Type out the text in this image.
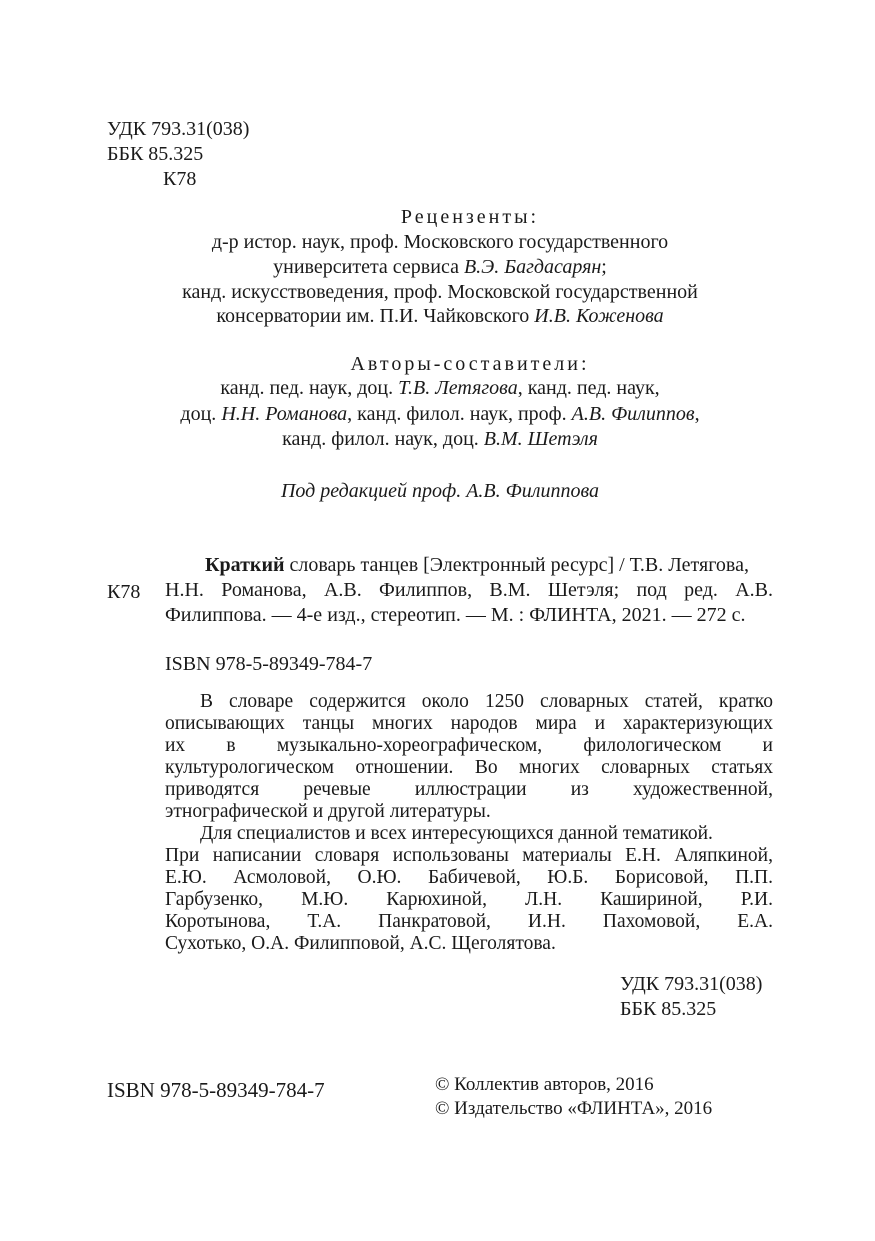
УДК 793.31(038)
ББК 85.325
К78
Рецензенты:
д-р истор. наук, проф. Московского государственного
университета сервиса В.Э. Багдасарян;
канд. искусствоведения, проф. Московской государственной
консерватории им. П.И. Чайковского И.В. Коженова
Авторы-составители:
канд. пед. наук, доц. Т.В. Летягова, канд. пед. наук,
доц. Н.Н. Романова, канд. филол. наук, проф. А.В. Филиппов,
канд. филол. наук, доц. В.М. Шетэля
Под редакцией проф. А.В. Филиппова
К78
Краткий словарь танцев [Электронный ресурс] / Т.В. Летягова,
Н.Н. Романова, А.В. Филиппов, В.М. Шетэля; под ред. А.В.
Филиппова. — 4-е изд., стереотип. — М. : ФЛИНТА, 2021. — 272 с.
ISBN 978-5-89349-784-7
В словаре содержится около 1250 словарных статей, кратко
описывающих танцы многих народов мира и характеризующих
их в музыкально-хореографическом, филологическом и
культурологическом отношении. Во многих словарных статьях
приводятся речевые иллюстрации из художественной,
этнографической и другой литературы.
Для специалистов и всех интересующихся данной тематикой.
При написании словаря использованы материалы Е.Н. Аляпкиной,
Е.Ю. Асмоловой, О.Ю. Бабичевой, Ю.Б. Борисовой, П.П.
Гарбузенко, М.Ю. Карюхиной, Л.Н. Кашириной, Р.И.
Коротынова, Т.А. Панкратовой, И.Н. Пахомовой, Е.А.
Сухотько, О.А. Филипповой, А.С. Щеголятова.
УДК 793.31(038)
ББК 85.325
ISBN 978-5-89349-784-7	© Коллектив авторов, 2016
© Издательство «ФЛИНТА», 2016
